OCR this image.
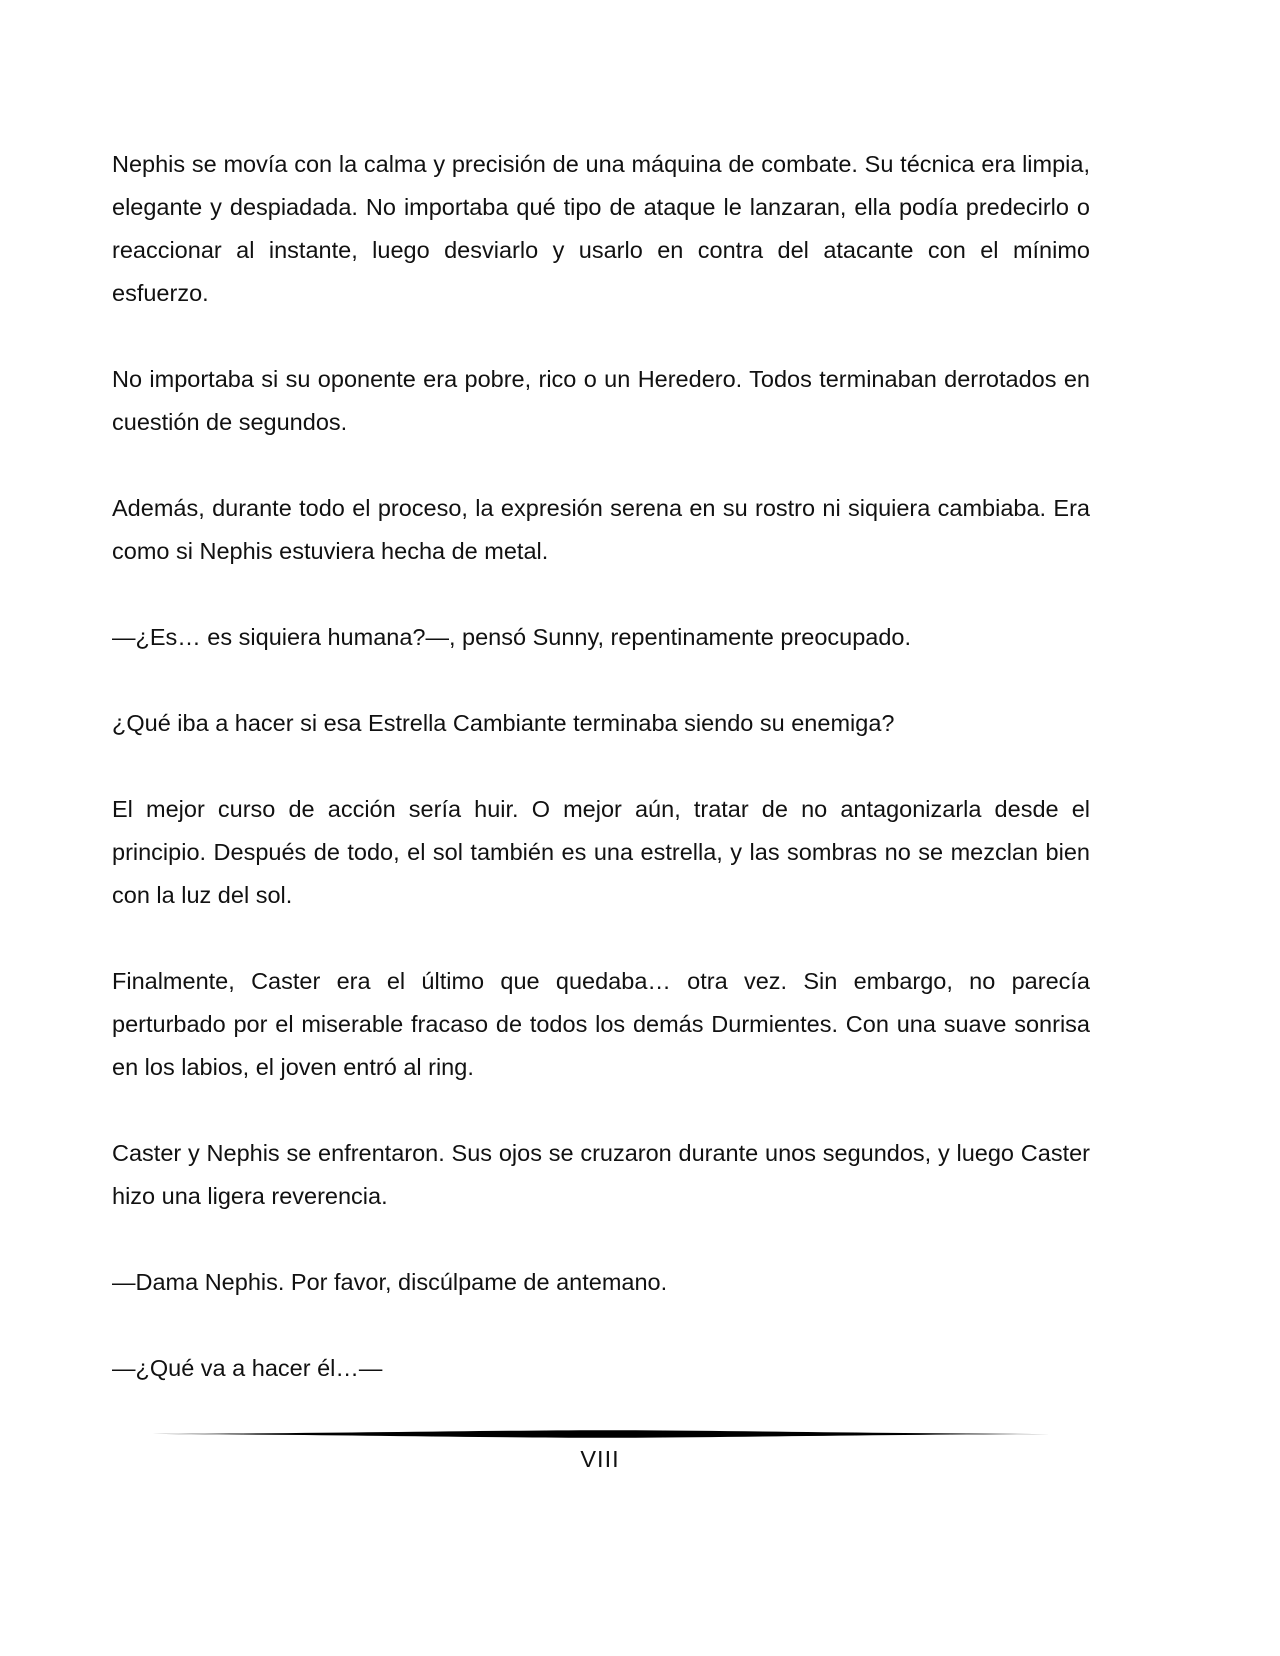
Nephis se movía con la calma y precisión de una máquina de combate. Su técnica era limpia, elegante y despiadada. No importaba qué tipo de ataque le lanzaran, ella podía predecirlo o reaccionar al instante, luego desviarlo y usarlo en contra del atacante con el mínimo esfuerzo.

No importaba si su oponente era pobre, rico o un Heredero. Todos terminaban derrotados en cuestión de segundos.

Además, durante todo el proceso, la expresión serena en su rostro ni siquiera cambiaba. Era como si Nephis estuviera hecha de metal.

—¿Es… es siquiera humana?—, pensó Sunny, repentinamente preocupado.

¿Qué iba a hacer si esa Estrella Cambiante terminaba siendo su enemiga?

El mejor curso de acción sería huir. O mejor aún, tratar de no antagonizarla desde el principio. Después de todo, el sol también es una estrella, y las sombras no se mezclan bien con la luz del sol.

Finalmente, Caster era el último que quedaba… otra vez. Sin embargo, no parecía perturbado por el miserable fracaso de todos los demás Durmientes. Con una suave sonrisa en los labios, el joven entró al ring.

Caster y Nephis se enfrentaron. Sus ojos se cruzaron durante unos segundos, y luego Caster hizo una ligera reverencia.

—Dama Nephis. Por favor, discúlpame de antemano.

—¿Qué va a hacer él…—

VIII
